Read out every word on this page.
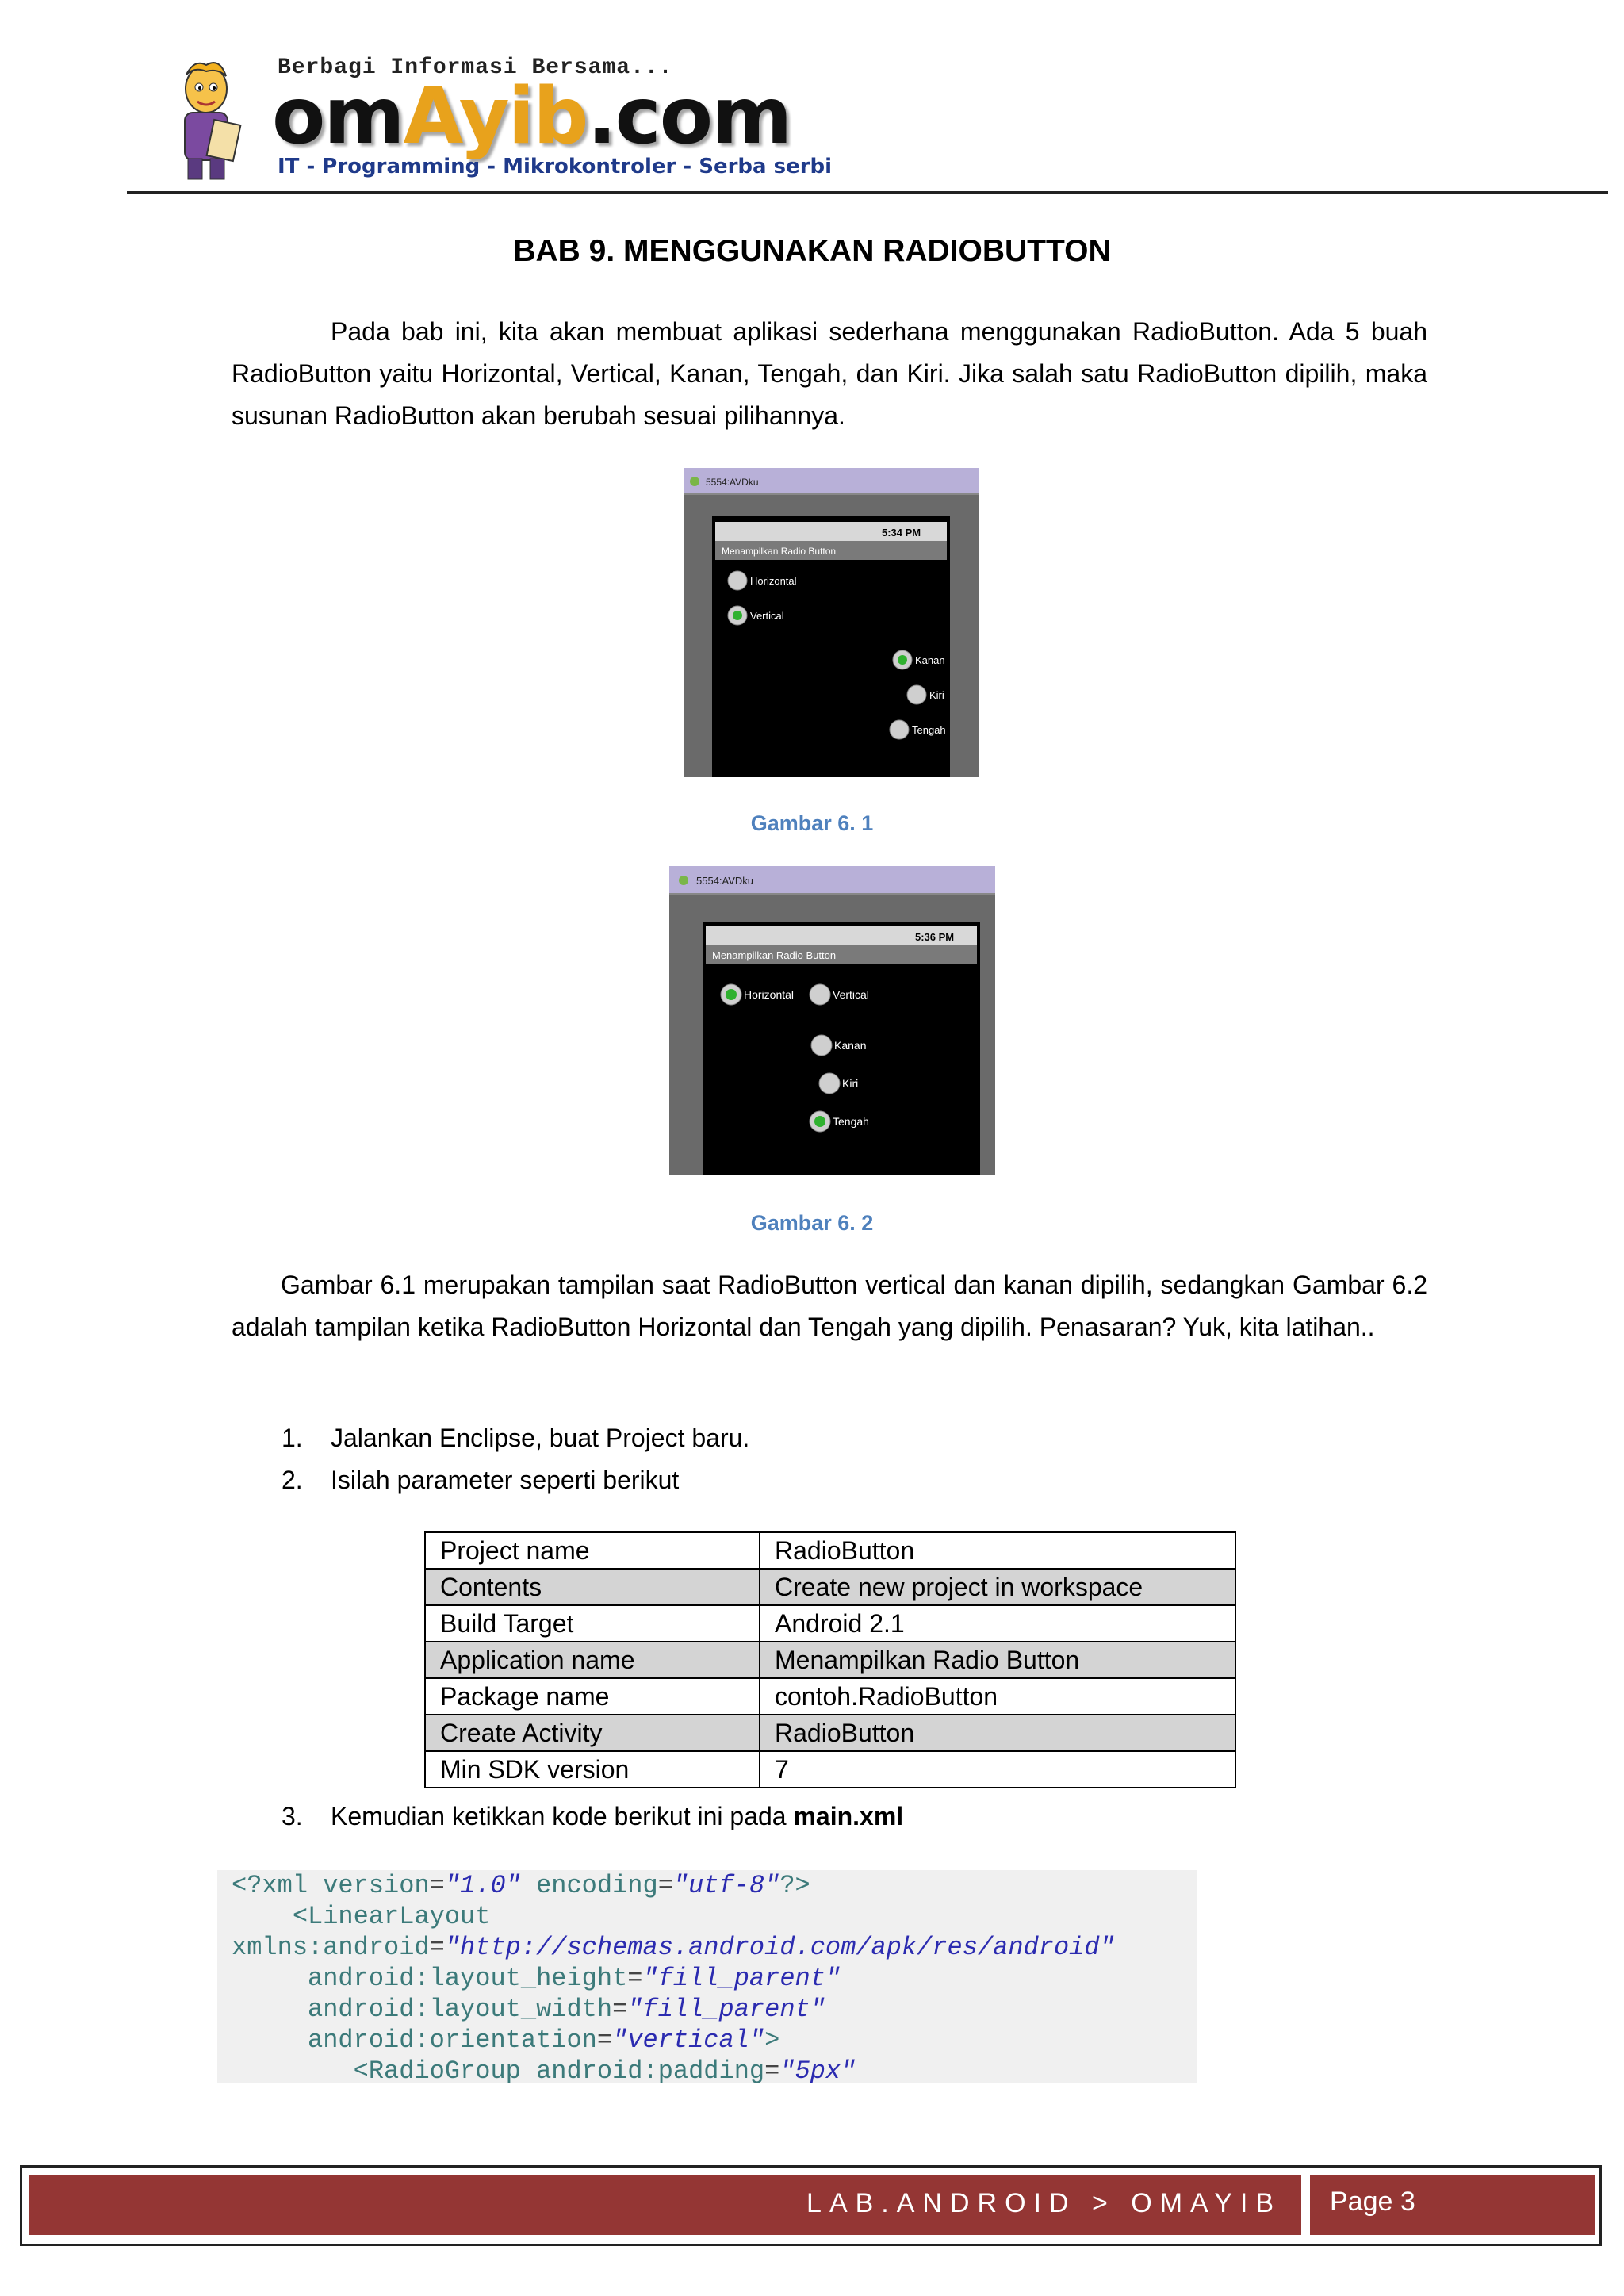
Berbagi Informasi Bersama...
omAyib.com
IT - Programming - Mikrokontroler - Serba serbi
BAB 9. MENGGUNAKAN RADIOBUTTON
Pada bab ini, kita akan membuat aplikasi sederhana menggunakan RadioButton. Ada 5 buah RadioButton yaitu Horizontal, Vertical, Kanan, Tengah, dan Kiri. Jika salah satu RadioButton dipilih, maka susunan RadioButton akan berubah sesuai pilihannya.
5554:AVDku
5:34 PM
Menampilkan Radio Button
Horizontal
Vertical
Kanan
Kiri
Tengah
Gambar 6. 1
5554:AVDku
5:36 PM
Menampilkan Radio Button
Horizontal	Vertical
Kanan
Kiri
Tengah
Gambar 6. 2
Gambar 6.1 merupakan tampilan saat RadioButton vertical dan kanan dipilih, sedangkan Gambar 6.2 adalah tampilan ketika RadioButton Horizontal dan Tengah yang dipilih. Penasaran? Yuk, kita latihan..
1. Jalankan Enclipse, buat Project baru.
2. Isilah parameter seperti berikut
Project name	RadioButton
Contents	Create new project in workspace
Build Target	Android 2.1
Application name	Menampilkan Radio Button
Package name	contoh.RadioButton
Create Activity	RadioButton
Min SDK version	7
3. Kemudian ketikkan kode berikut ini pada main.xml
<?xml version="1.0" encoding="utf-8"?>
<LinearLayout
xmlns:android="http://schemas.android.com/apk/res/android"
android:layout_height="fill_parent"
android:layout_width="fill_parent"
android:orientation="vertical">
<RadioGroup android:padding="5px"
LAB.ANDROID > OMAYIB Page 3
